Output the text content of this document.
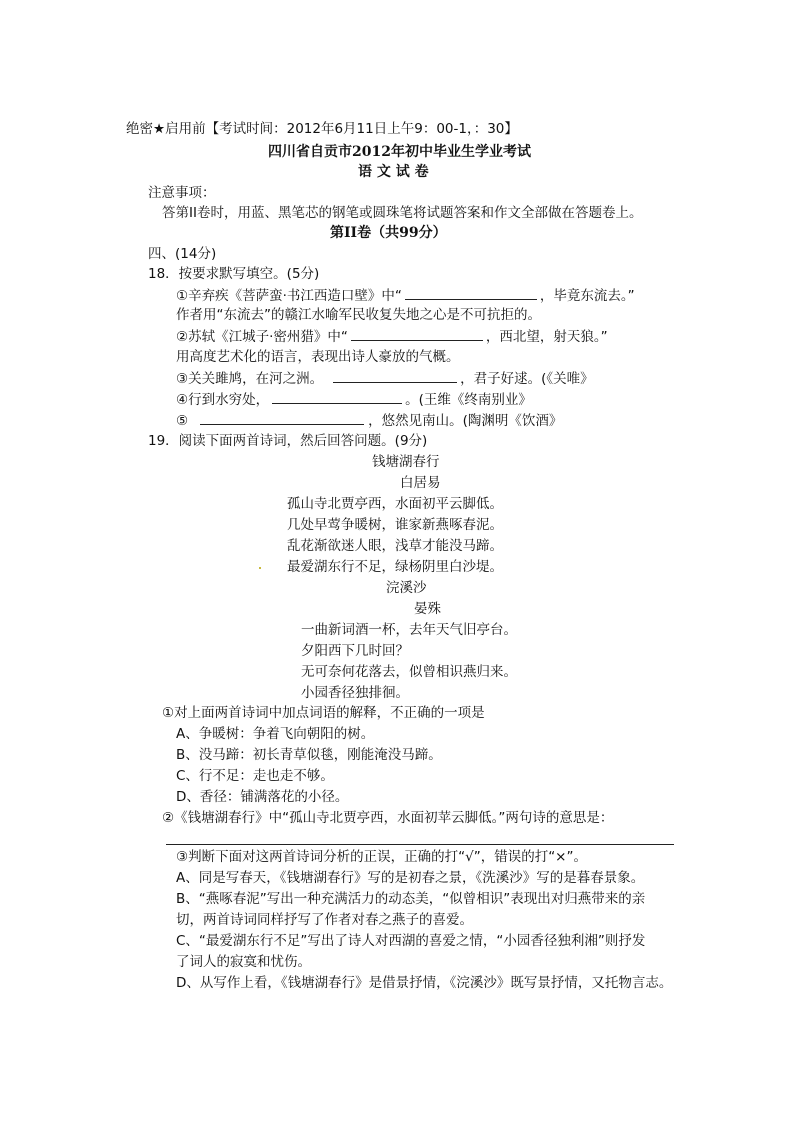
绝密★启用前【考试时间：2012年6月11日上午9：00-1，：30】
四川省自贡市2012年初中毕业生学业考试
语 文 试 卷
注意事项：
答第II卷时，用蓝、黑笔芯的钢笔或圆珠笔将试题答案和作文全部做在答题卷上。
第II卷（共99分）
四、(14分)
18．按要求默写填空。(5分)
①辛弃疾《菩萨蛮·书江西造口壁》中“	，毕竟东流去。”
作者用“东流去”的赣江水喻军民收复失地之心是不可抗拒的。
②苏轼《江城子·密州猎》中“	，西北望，射天狼。”
用高度艺术化的语言，表现出诗人豪放的气概。
③关关雎鸠，在河之洲。	，君子好逑。(《关唯》
④行到水穷处，	。(王维《终南别业》
⑤	，悠然见南山。(陶渊明《饮酒》
19．阅读下面两首诗词，然后回答问题。(9分)
钱塘湖春行
白居易
孤山寺北贾亭西，水面初平云脚低。
几处早莺争暖树，谁家新燕啄春泥。
乱花渐欲迷人眼，浅草才能没马蹄。
最爱湖东行不足，绿杨阴里白沙堤。
浣溪沙
晏殊
一曲新词酒一杯，去年天气旧亭台。
夕阳西下几时回？
无可奈何花落去，似曾相识燕归来。
小园香径独排徊。
①对上面两首诗词中加点词语的解释，不正确的一项是
A、争暖树：争着飞向朝阳的树。
B、没马蹄：初长青草似毯，刚能淹没马蹄。
C、行不足：走也走不够。
D、香径：铺满落花的小径。
②《钱塘湖春行》中“孤山寺北贾亭西，水面初苹云脚低。”两句诗的意思是：
③判断下面对这两首诗词分析的正误，正确的打“√”，错误的打“×”。
A、同是写春天，《钱塘湖春行》写的是初春之景，《洗溪沙》写的是暮春景象。
B、“燕啄春泥”写出一种充满活力的动态美，“似曾相识”表现出对归燕带来的亲
切，两首诗词同样抒写了作者对春之燕子的喜爱。
C、“最爱湖东行不足”写出了诗人对西湖的喜爱之情，“小园香径独利湘”则抒发
了词人的寂寞和忧伤。
D、从写作上看，《钱塘湖春行》是借景抒情，《浣溪沙》既写景抒情，又托物言志。
